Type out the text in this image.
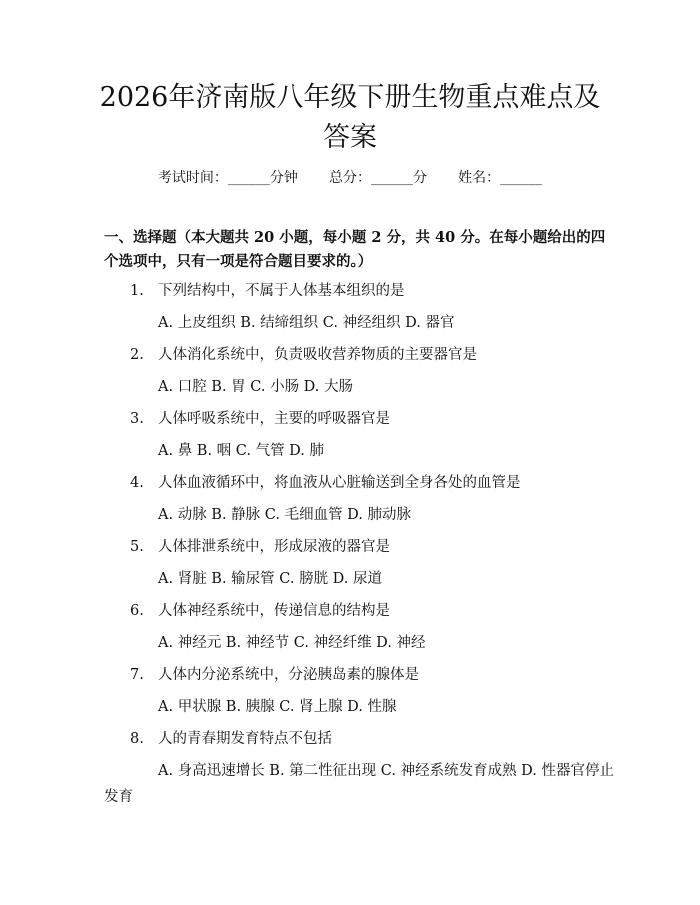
2026年济南版八年级下册生物重点难点及答案
考试时间：______分钟 总分：______分 姓名：______
一、选择题（本大题共 20 小题，每小题 2 分，共 40 分。在每小题给出的四个选项中，只有一项是符合题目要求的。）
1. 下列结构中，不属于人体基本组织的是
A. 上皮组织 B. 结缔组织 C. 神经组织 D. 器官
2. 人体消化系统中，负责吸收营养物质的主要器官是
A. 口腔 B. 胃 C. 小肠 D. 大肠
3. 人体呼吸系统中，主要的呼吸器官是
A. 鼻 B. 咽 C. 气管 D. 肺
4. 人体血液循环中，将血液从心脏输送到全身各处的血管是
A. 动脉 B. 静脉 C. 毛细血管 D. 肺动脉
5. 人体排泄系统中，形成尿液的器官是
A. 肾脏 B. 输尿管 C. 膀胱 D. 尿道
6. 人体神经系统中，传递信息的结构是
A. 神经元 B. 神经节 C. 神经纤维 D. 神经
7. 人体内分泌系统中，分泌胰岛素的腺体是
A. 甲状腺 B. 胰腺 C. 肾上腺 D. 性腺
8. 人的青春期发育特点不包括
A. 身高迅速增长 B. 第二性征出现 C. 神经系统发育成熟 D. 性器官停止发育
